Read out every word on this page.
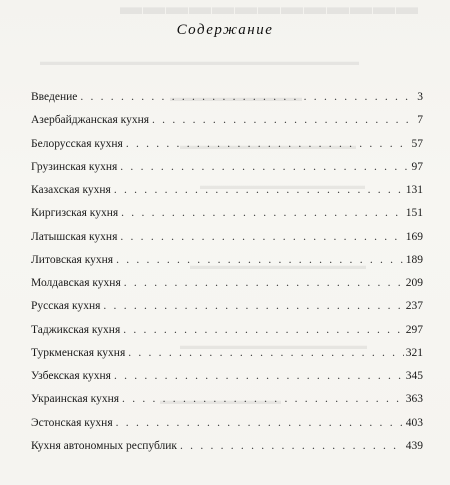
▬▬▬▬▬▬▬▬▬▬▬▬▬
▬▬▬▬▬▬▬▬▬▬▬▬▬▬▬▬▬▬▬▬▬▬▬▬▬▬▬▬▬
▬▬▬▬▬▬▬▬▬▬▬▬
▬▬▬▬▬▬▬▬▬▬▬▬▬▬▬▬
▬▬▬▬▬▬▬▬▬▬▬▬▬▬▬
▬▬▬▬▬▬▬▬▬▬▬▬▬▬▬▬
▬▬▬▬▬▬▬▬▬▬▬▬▬▬▬▬▬
▬▬▬▬▬▬▬▬▬▬▬
Содержание
Введение . . .	3
Азербайджанская кухня . . .	7
Белорусская кухня . . .	57
Грузинская кухня . . .	97
Казахская кухня . . .	131
Киргизская кухня . . .	151
Латышская кухня . . .	169
Литовская кухня . . .	189
Молдавская кухня . . .	209
Русская кухня . . .	237
Таджикская кухня . . .	297
Туркменская кухня . . .	321
Узбекская кухня . . .	345
Украинская кухня . . .	363
Эстонская кухня . . .	403
Кухня автономных республик . . .	439
